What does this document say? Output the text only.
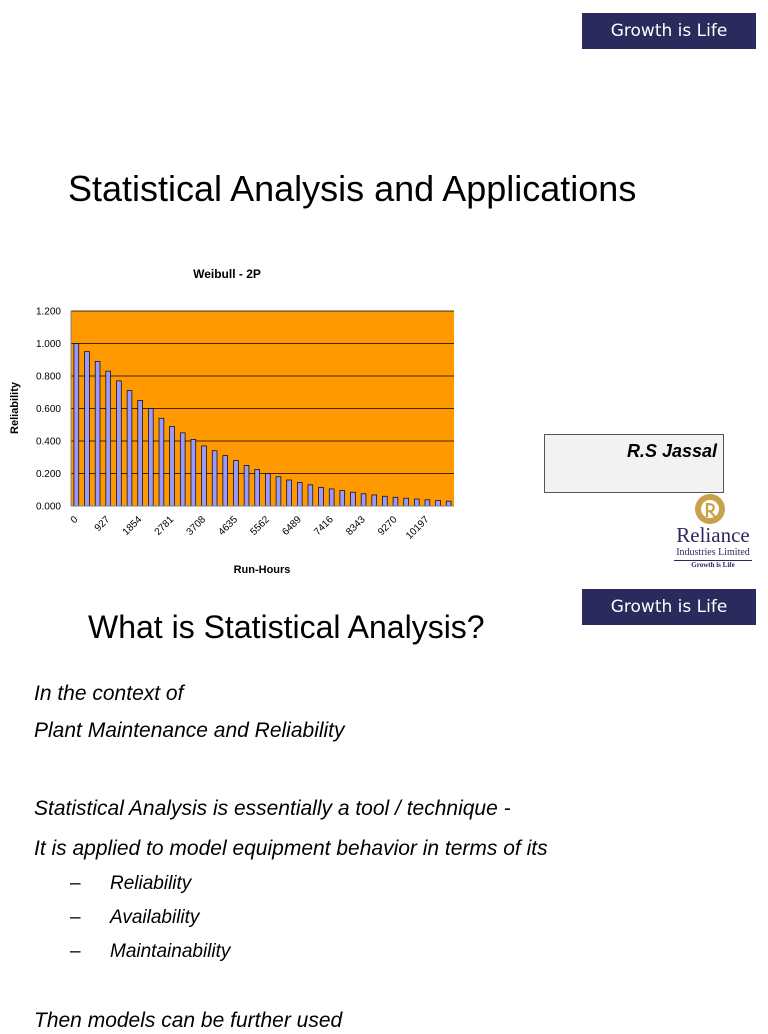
Growth is Life
Statistical Analysis and Applications
Weibull - 2P
0.000
0.200
0.400
0.600
0.800
1.000
1.200
0 927 1854 2781 3708 4635 5562 6489 7416 8343 9270 10197
Run-Hours
Reliability
R.S Jassal
Reliance
Industries Limited
Growth is Life
Growth is Life
What is Statistical Analysis?
In the context of
Plant Maintenance and Reliability
Statistical Analysis is essentially a tool / technique -
It is applied to model equipment behavior in terms of its
– Reliability
– Availability
– Maintainability
Then models can be further used
